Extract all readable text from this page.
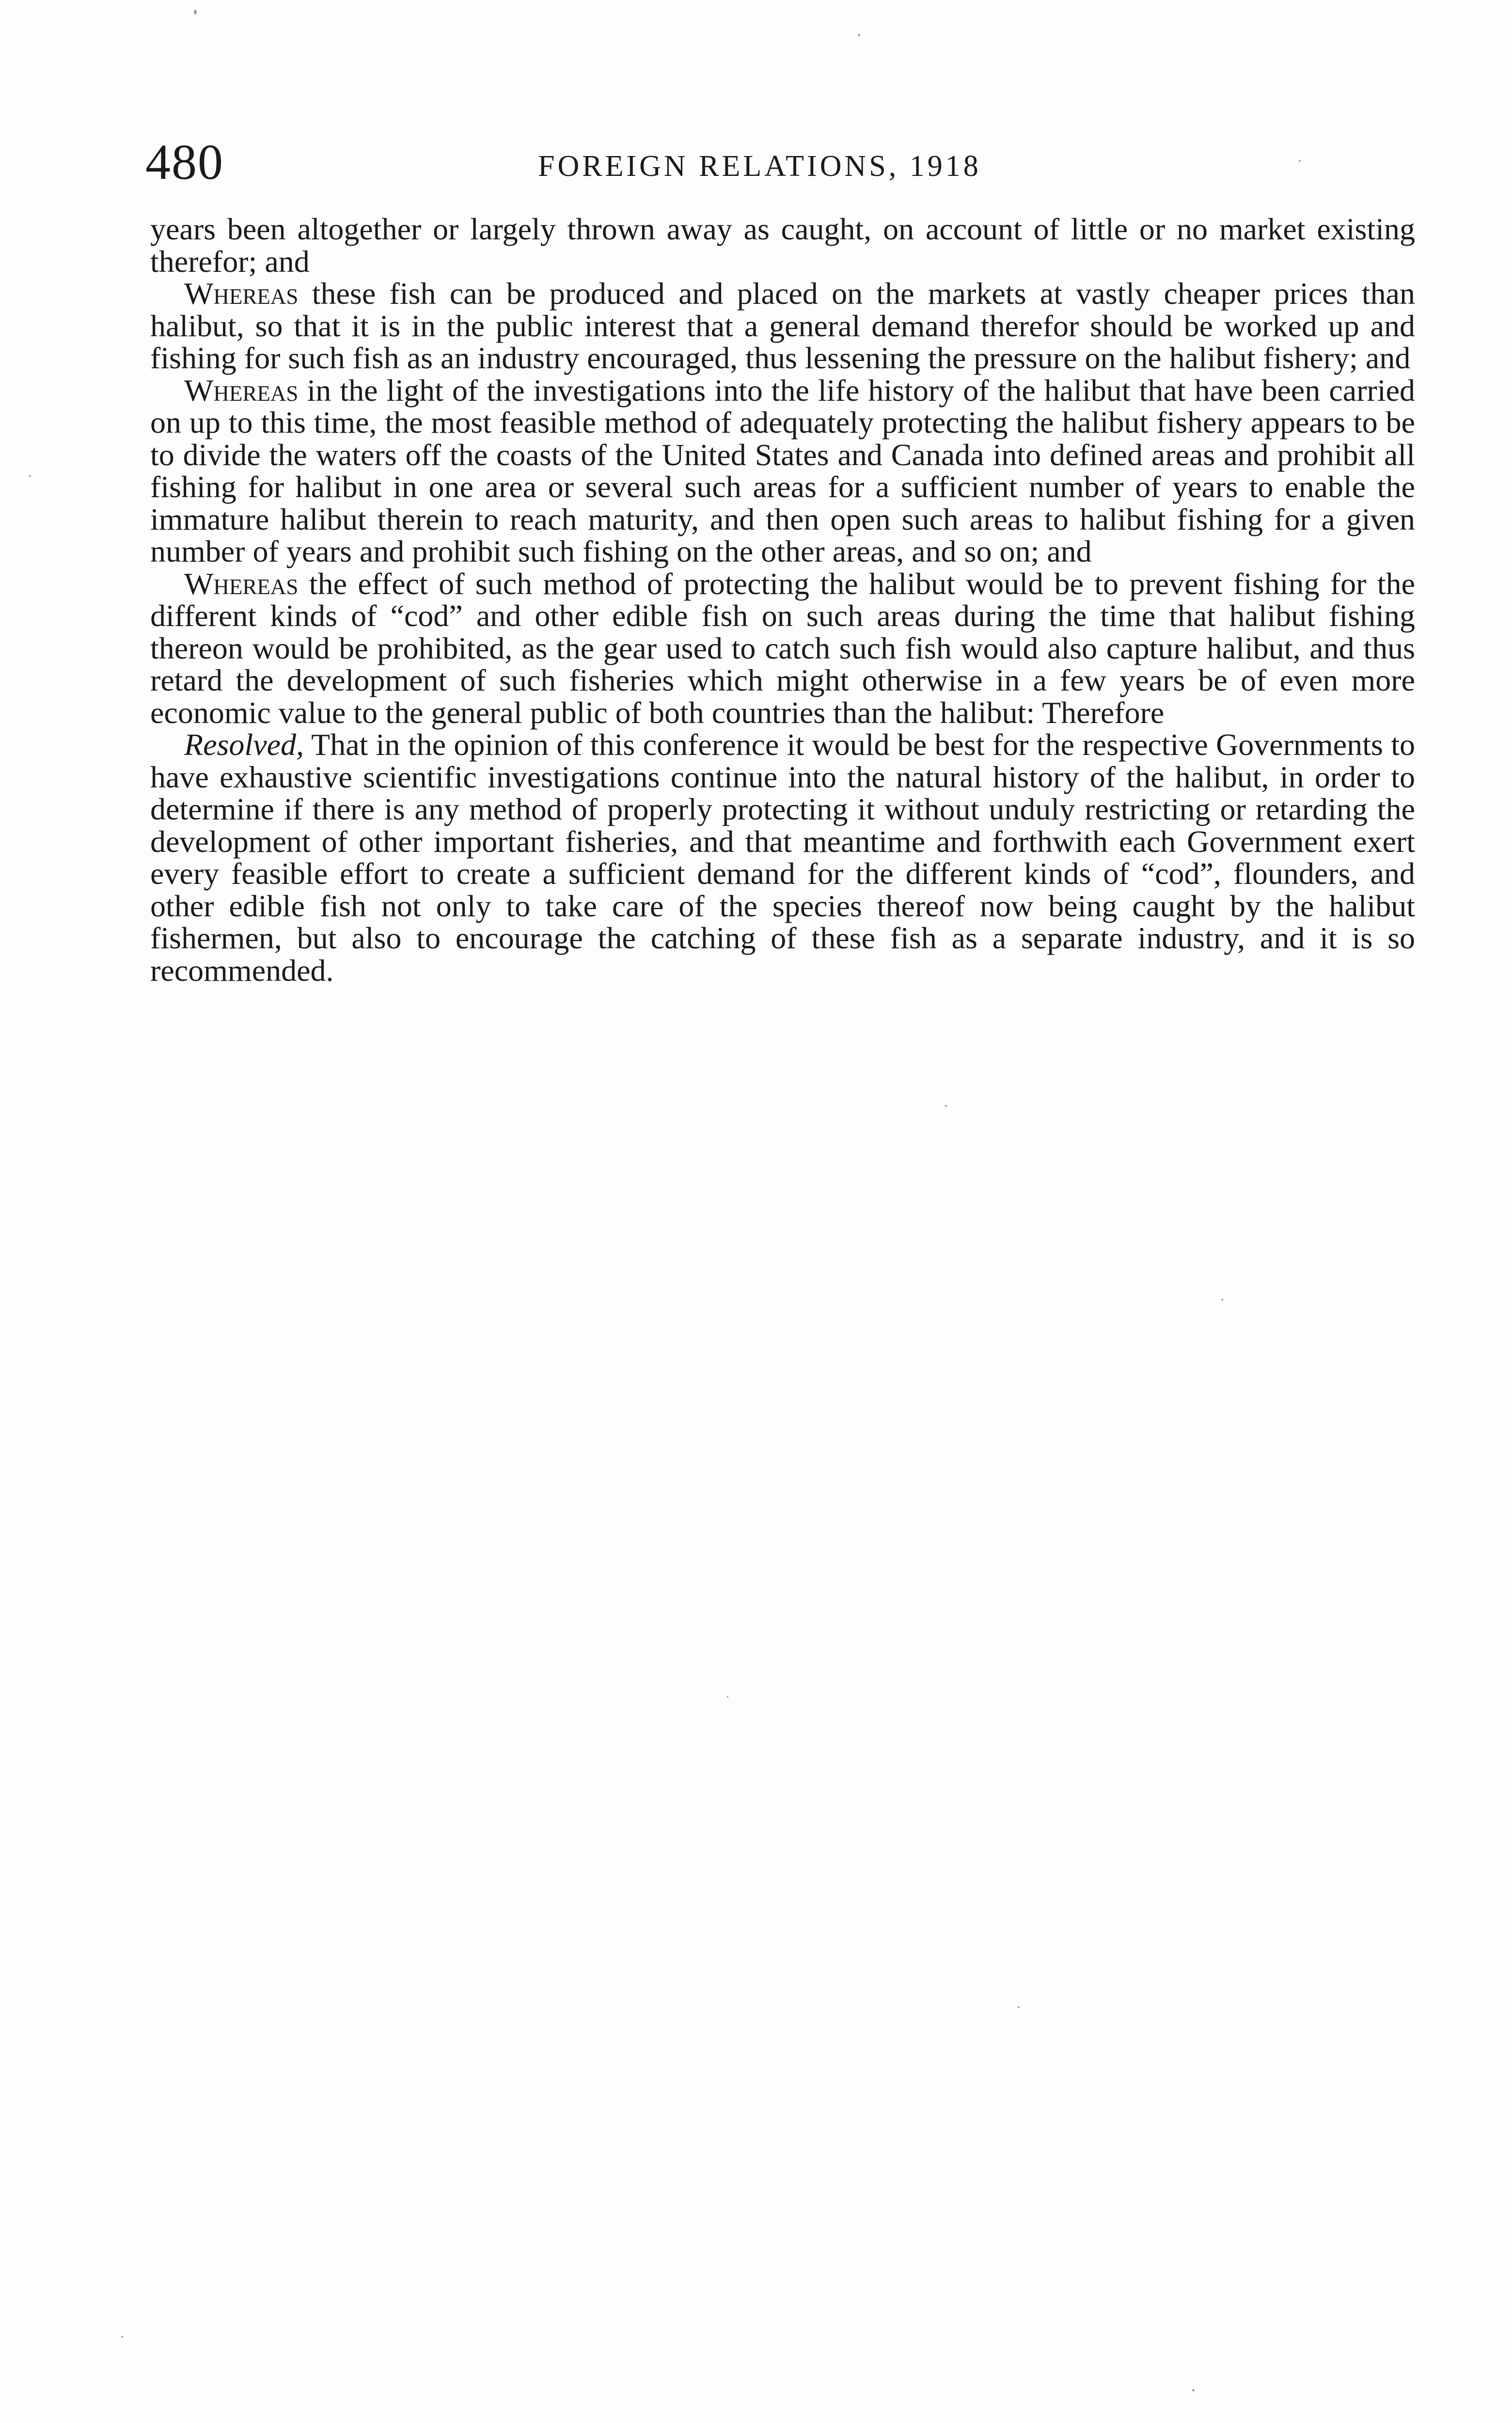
480	FOREIGN RELATIONS, 1918

years been altogether or largely thrown away as caught, on account of little or no market existing therefor; and

Whereas these fish can be produced and placed on the markets at vastly cheaper prices than halibut, so that it is in the public interest that a general demand therefor should be worked up and fishing for such fish as an industry encouraged, thus lessening the pressure on the halibut fishery; and

Whereas in the light of the investigations into the life history of the halibut that have been carried on up to this time, the most feasible method of adequately protecting the halibut fishery appears to be to divide the waters off the coasts of the United States and Canada into defined areas and prohibit all fishing for halibut in one area or several such areas for a sufficient number of years to enable the immature halibut therein to reach maturity, and then open such areas to halibut fishing for a given number of years and prohibit such fishing on the other areas, and so on; and

Whereas the effect of such method of protecting the halibut would be to prevent fishing for the different kinds of “cod” and other edible fish on such areas during the time that halibut fishing thereon would be prohibited, as the gear used to catch such fish would also capture halibut, and thus retard the development of such fisheries which might otherwise in a few years be of even more economic value to the general public of both countries than the halibut: Therefore

Resolved, That in the opinion of this conference it would be best for the respective Governments to have exhaustive scientific investigations continue into the natural history of the halibut, in order to determine if there is any method of properly protecting it without unduly restricting or retarding the development of other important fisheries, and that meantime and forthwith each Government exert every feasible effort to create a sufficient demand for the different kinds of “cod”, flounders, and other edible fish not only to take care of the species thereof now being caught by the halibut fishermen, but also to encourage the catching of these fish as a separate industry, and it is so recommended.
